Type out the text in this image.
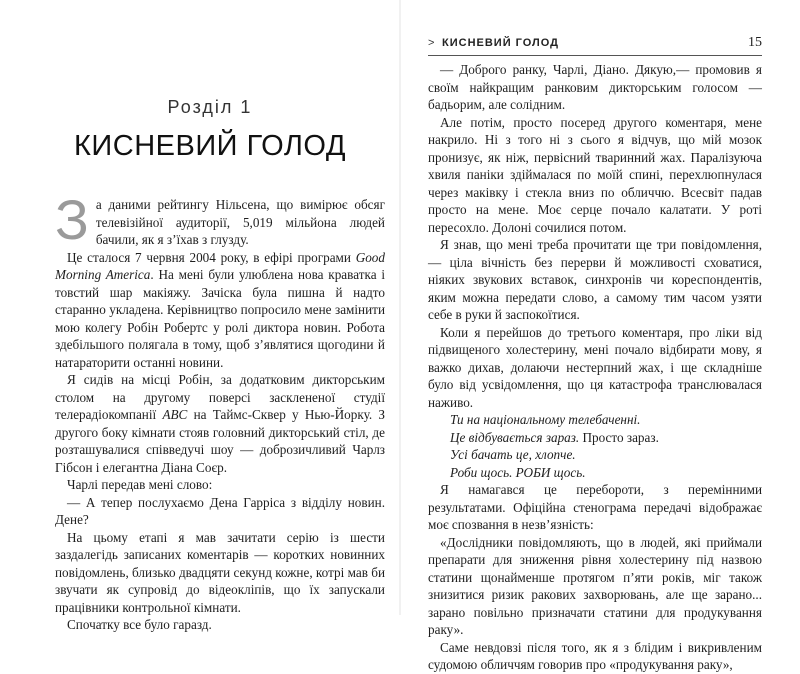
Розділ 1
КИСНЕВИЙ ГОЛОД

За даними рейтингу Нільсена, що вимірює обсяг телевізійної аудиторії, 5,019 мільйона людей бачили, як я з’їхав з глузду.

Це сталося 7 червня 2004 року, в ефірі програми Good Morning America. На мені були улюблена нова краватка і товстий шар макіяжу. Зачіска була пишна й надто старанно укладена. Керівництво попросило мене замінити мою колегу Робін Робертс у ролі диктора новин. Робота здебільшого полягала в тому, щоб з’являтися щогодини й натараторити останні новини.

Я сидів на місці Робін, за додатковим дикторським столом на другому поверсі засклененої студії телерадіокомпанії ABC на Таймс-Сквер у Нью-Йорку. З другого боку кімнати стояв головний дикторський стіл, де розташувалися співведучі шоу — доброзичливий Чарлз Гібсон і елегантна Діана Соєр.

Чарлі передав мені слово:

— А тепер послухаємо Дена Гарріса з відділу новин. Дене?

На цьому етапі я мав зачитати серію із шести заздалегідь записаних коментарів — коротких новинних повідомлень, близько двадцяти секунд кожне, котрі мав би звучати як супровід до відеокліпів, що їх запускали працівники контрольної кімнати.

Спочатку все було гаразд.

> КИСНЕВИЙ ГОЛОД	15

— Доброго ранку, Чарлі, Діано. Дякую,— промовив я своїм найкращим ранковим дикторським голосом — бадьорим, але солідним.

Але потім, просто посеред другого коментаря, мене накрило. Ні з того ні з сього я відчув, що мій мозок пронизує, як ніж, первісний тваринний жах. Паралізуюча хвиля паніки здіймалася по моїй спині, перехлюпнулася через маківку і стекла вниз по обличчю. Всесвіт падав просто на мене. Моє серце почало калатати. У роті пересохло. Долоні сочилися потом.

Я знав, що мені треба прочитати ще три повідомлення,— ціла вічність без перерви й можливості сховатися, ніяких звукових вставок, синхронів чи кореспондентів, яким можна передати слово, а самому тим часом узяти себе в руки й заспокоїтися.

Коли я перейшов до третього коментаря, про ліки від підвищеного холестерину, мені почало відбирати мову, я важко дихав, долаючи нестерпний жах, і ще складніше було від усвідомлення, що ця катастрофа транслювалася наживо.

Ти на національному телебаченні.

Це відбувається зараз. Просто зараз.

Усі бачать це, хлопче.

Роби щось. РОБИ щось.

Я намагався це перебороти, з перемінними результатами. Офіційна стенограма передачі відображає моє спозвання в незв’язність:

«Дослідники повідомляють, що в людей, які приймали препарати для зниження рівня холестерину під назвою статини щонайменше протягом п’яти років, міг також знизитися ризик ракових захворювань, але ще зарано... зарано повільно призначати статини для продукування раку».

Саме невдовзі після того, як я з блідим і викривленим судомою обличчям говорив про «продукування раку»,
